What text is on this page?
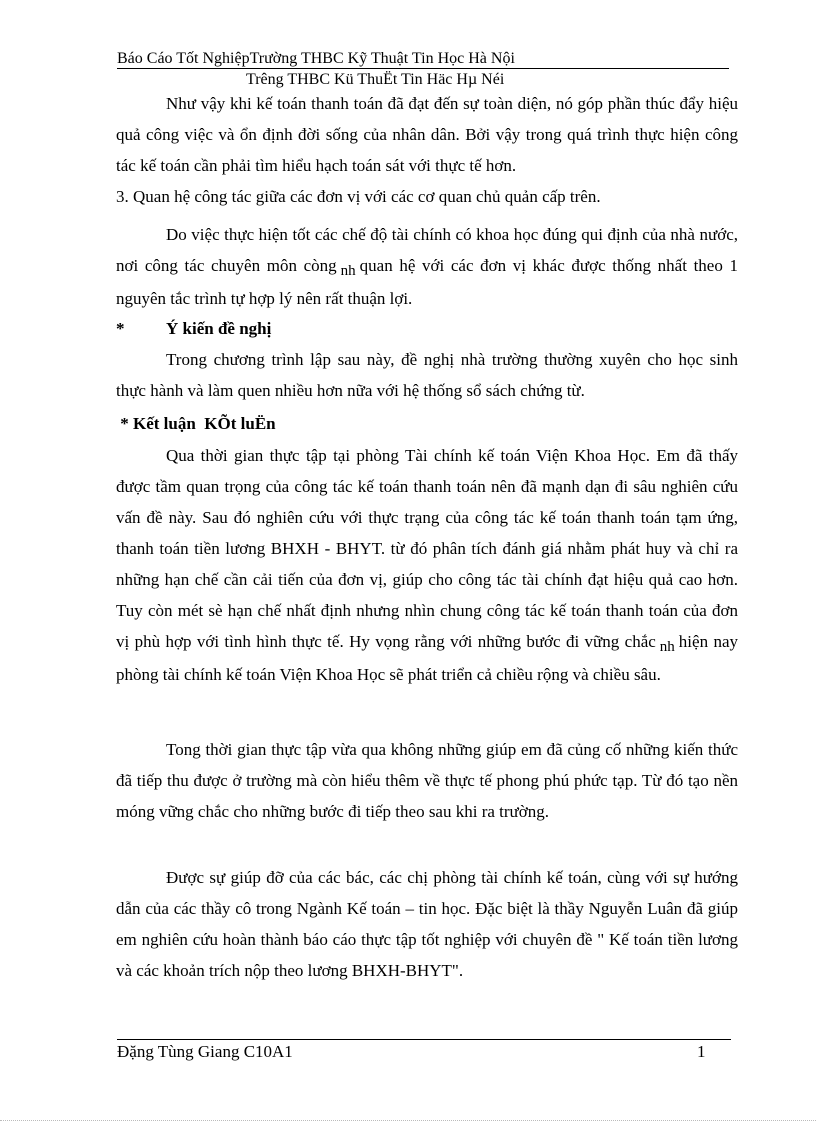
Báo Cáo Tốt NghiệpTrường THBC Kỹ Thuật Tin Học Hà Nội
Trêng THBC Kü ThuËt Tin Häc Hµ Néi
Như vậy khi kế toán thanh toán đã đạt đến sự toàn diện, nó góp phần thúc đẩy hiệu quả công việc và ổn định đời sống của nhân dân. Bởi vậy trong quá trình thực hiện công tác kế toán cần phải tìm hiểu hạch toán sát với thực tế hơn.
3. Quan hệ công tác giữa các đơn vị với các cơ quan chủ quản cấp trên.
Do việc thực hiện tốt các chế độ tài chính có khoa học đúng qui định của nhà nước, nơi công tác chuyên môn còng nh quan hệ với các đơn vị khác được thống nhất theo 1 nguyên tắc trình tự hợp lý nên rất thuận lợi.
* Ý kiến đề nghị
Trong chương trình lập sau này, đề nghị nhà trường thường xuyên cho học sinh thực hành và làm quen nhiều hơn nữa với hệ thống sổ sách chứng từ.
* Kết luận  KÕt luËn
Qua thời gian thực tập tại phòng Tài chính kế toán Viện Khoa Học. Em đã thấy được tầm quan trọng của công tác kế toán thanh toán nên đã mạnh dạn đi sâu nghiên cứu vấn đề này. Sau đó nghiên cứu với thực trạng của công tác kế toán thanh toán tạm ứng, thanh toán tiền lương BHXH - BHYT. từ đó phân tích đánh giá nhằm phát huy và chỉ ra những hạn chế cần cải tiến của đơn vị, giúp cho công tác tài chính đạt hiệu quả cao hơn. Tuy còn mét sè hạn chế nhất định nhưng nhìn chung công tác kế toán thanh toán của đơn vị phù hợp với tình hình thực tế. Hy vọng rằng với những bước đi vững chắc nh hiện nay phòng tài chính kế toán Viện Khoa Học sẽ phát triển cả chiều rộng và chiều sâu.
Tong thời gian thực tập vừa qua không những giúp em đã củng cố những kiến thức đã tiếp thu được ở trường mà còn hiểu thêm về thực tế phong phú phức tạp. Từ đó tạo nền móng vững chắc cho những bước đi tiếp theo sau khi ra trường.
Được sự giúp đỡ của các bác, các chị phòng tài chính kế toán, cùng với sự hướng dẫn của các thầy cô trong Ngành Kế toán – tin học. Đặc biệt là thầy Nguyễn Luân đã giúp em nghiên cứu hoàn thành báo cáo thực tập tốt nghiệp với chuyên đề " Kế toán tiền lương và các khoản trích nộp theo lương BHXH-BHYT".
Đặng Tùng Giang C10A1	1
